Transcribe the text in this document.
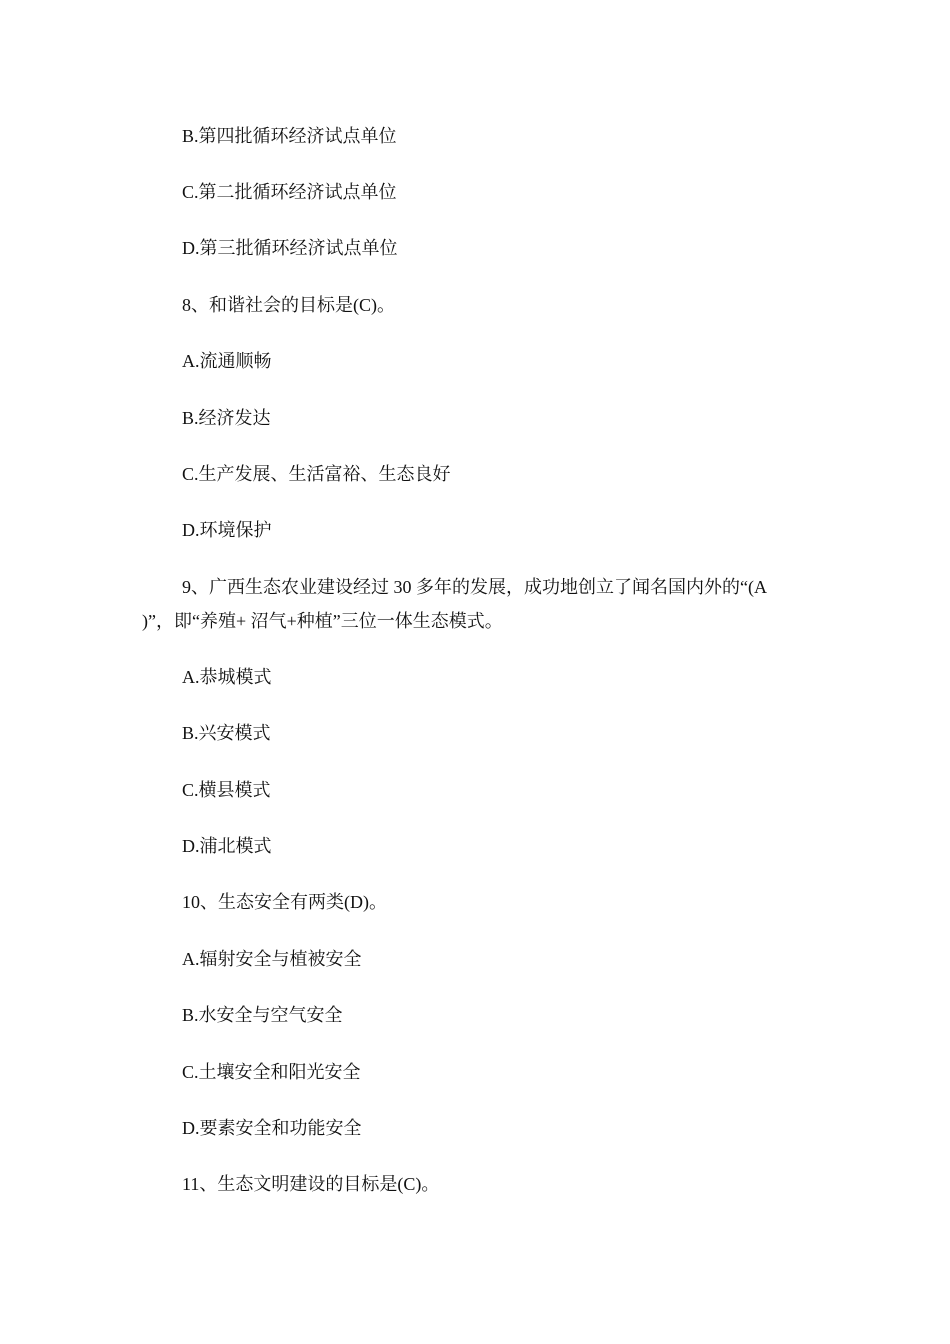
B.第四批循环经济试点单位
C.第二批循环经济试点单位
D.第三批循环经济试点单位
8、和谐社会的目标是(C)。
A.流通顺畅
B.经济发达
C.生产发展、生活富裕、生态良好
D.环境保护
9、广西生态农业建设经过 30 多年的发展，成功地创立了闻名国内外的“(A
)”，即“养殖+ 沼气+种植”三位一体生态模式。
A.恭城模式
B.兴安模式
C.横县模式
D.浦北模式
10、生态安全有两类(D)。
A.辐射安全与植被安全
B.水安全与空气安全
C.土壤安全和阳光安全
D.要素安全和功能安全
11、生态文明建设的目标是(C)。
